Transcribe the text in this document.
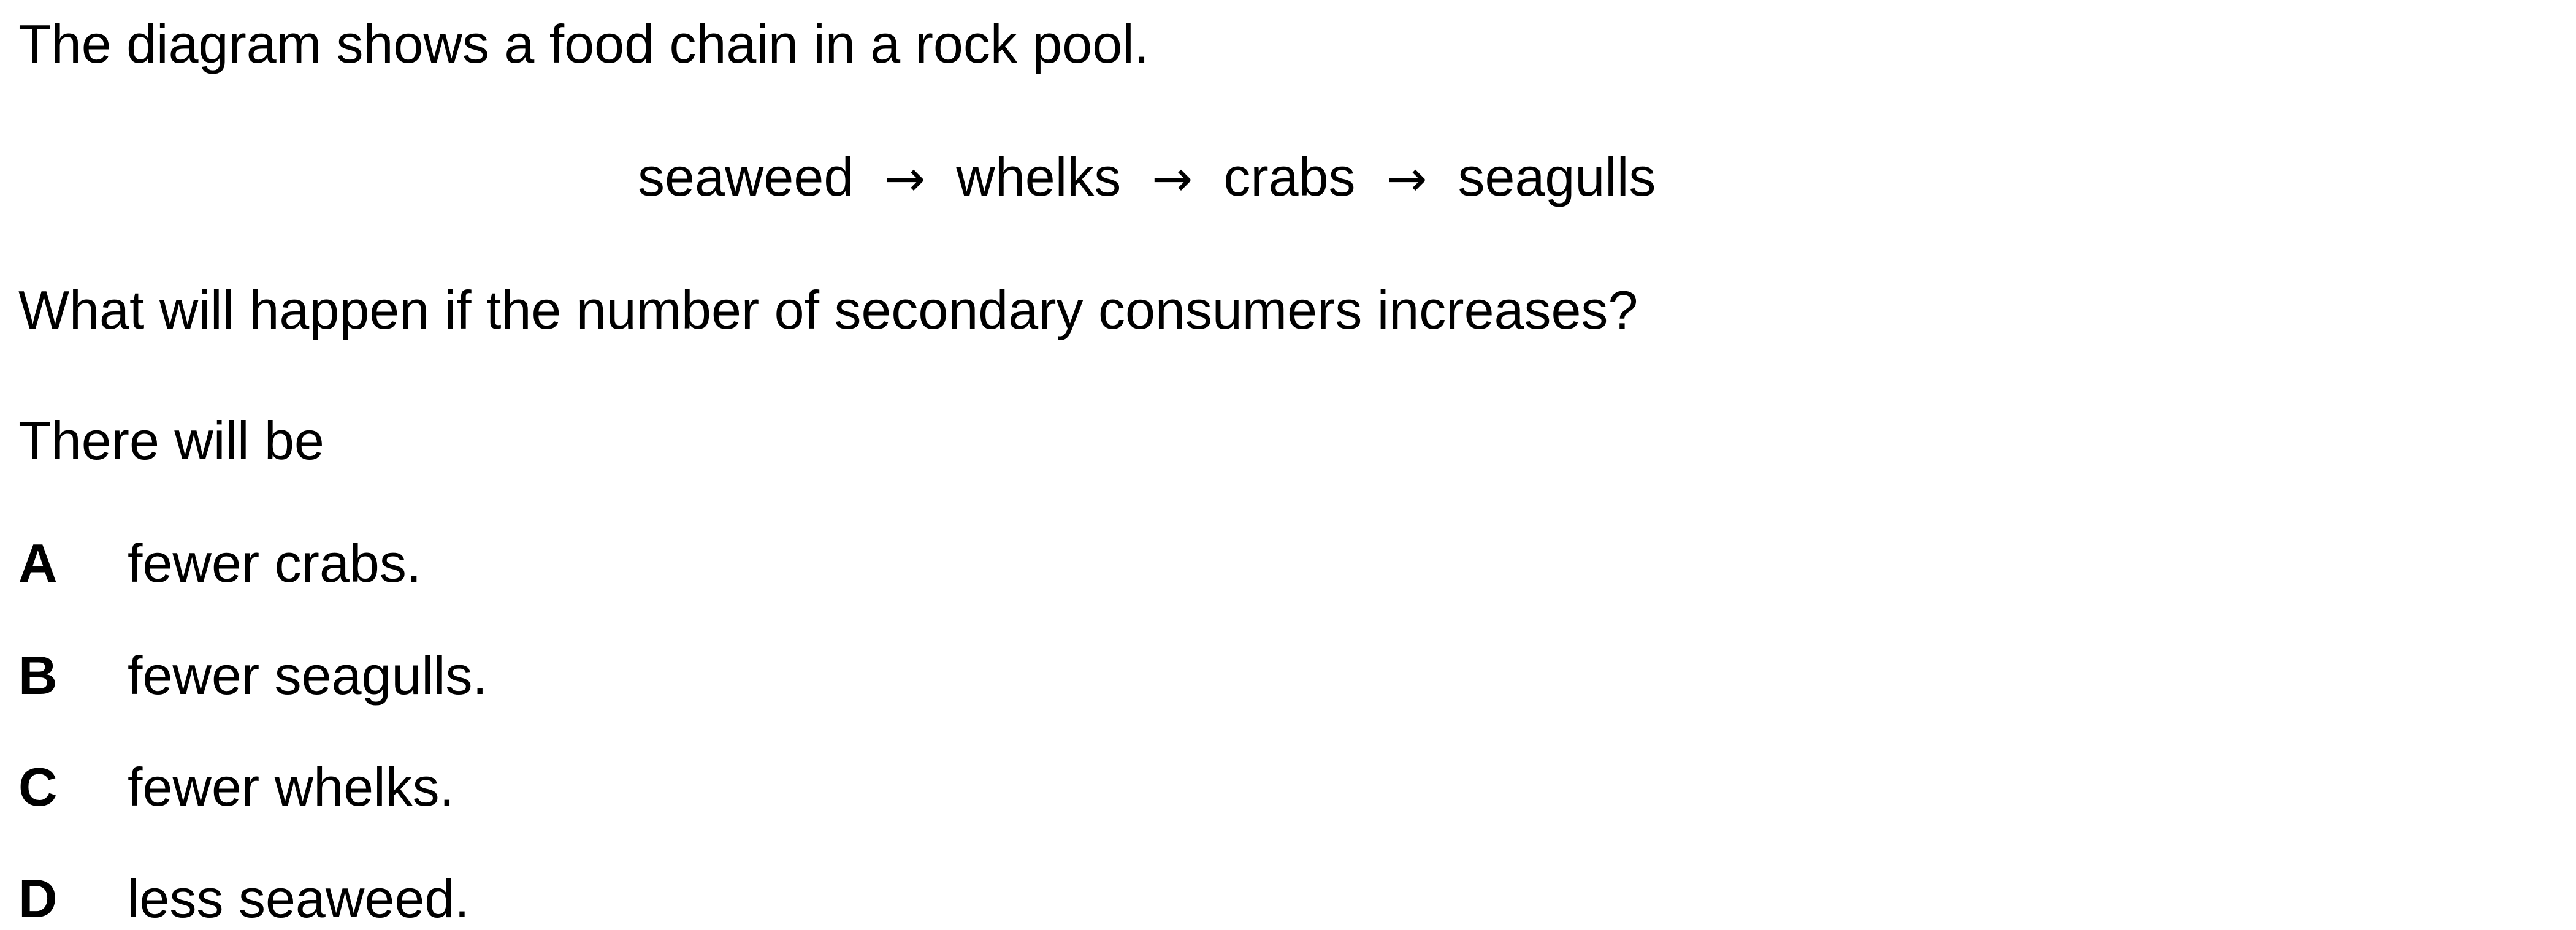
The diagram shows a food chain in a rock pool.
seaweed → whelks → crabs → seagulls
What will happen if the number of secondary consumers increases?
There will be
A fewer crabs.
B fewer seagulls.
C fewer whelks.
D less seaweed.
